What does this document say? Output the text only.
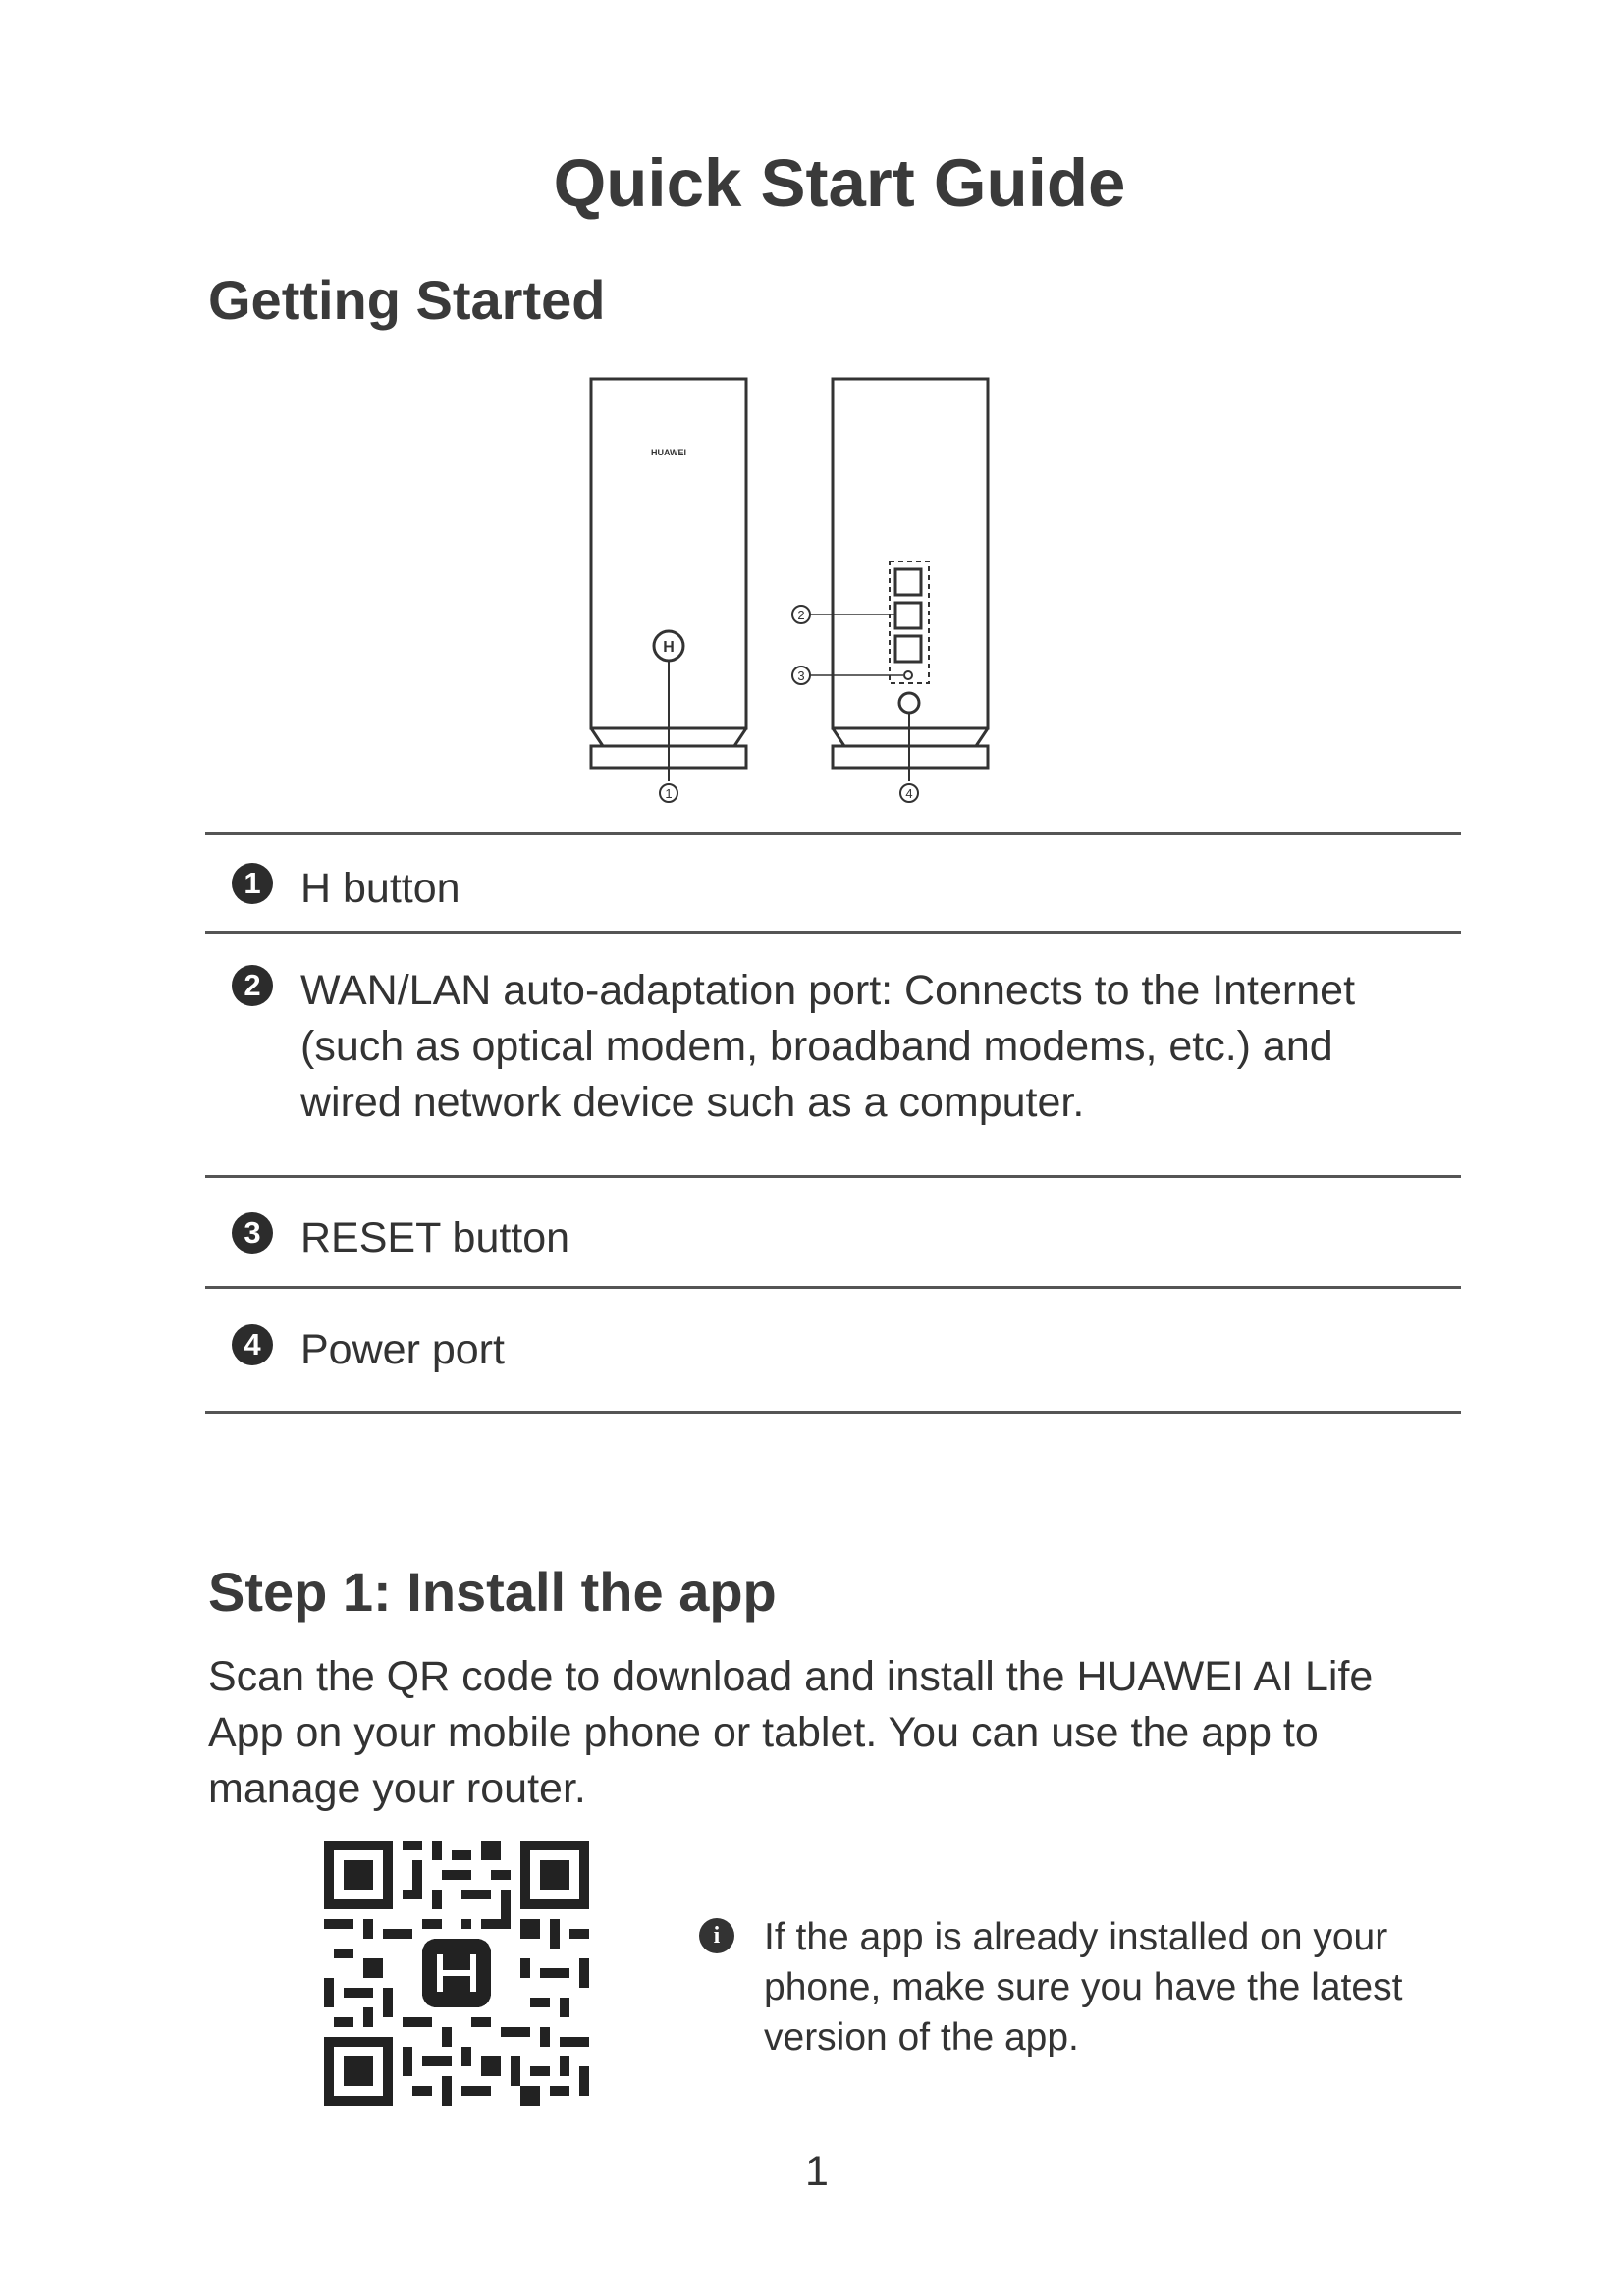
Quick Start Guide
Getting Started
HUAWEI
H
1
2
3
4
1 H button

2 WAN/LAN auto-adaptation port: Connects to the Internet (such as optical modem, broadband modems, etc.) and wired network device such as a computer.

3 RESET button

4 Power port

Step 1: Install the app

Scan the QR code to download and install the HUAWEI AI Life App on your mobile phone or tablet. You can use the app to manage your router.

i	If the app is already installed on your phone, make sure you have the latest version of the app.

1
